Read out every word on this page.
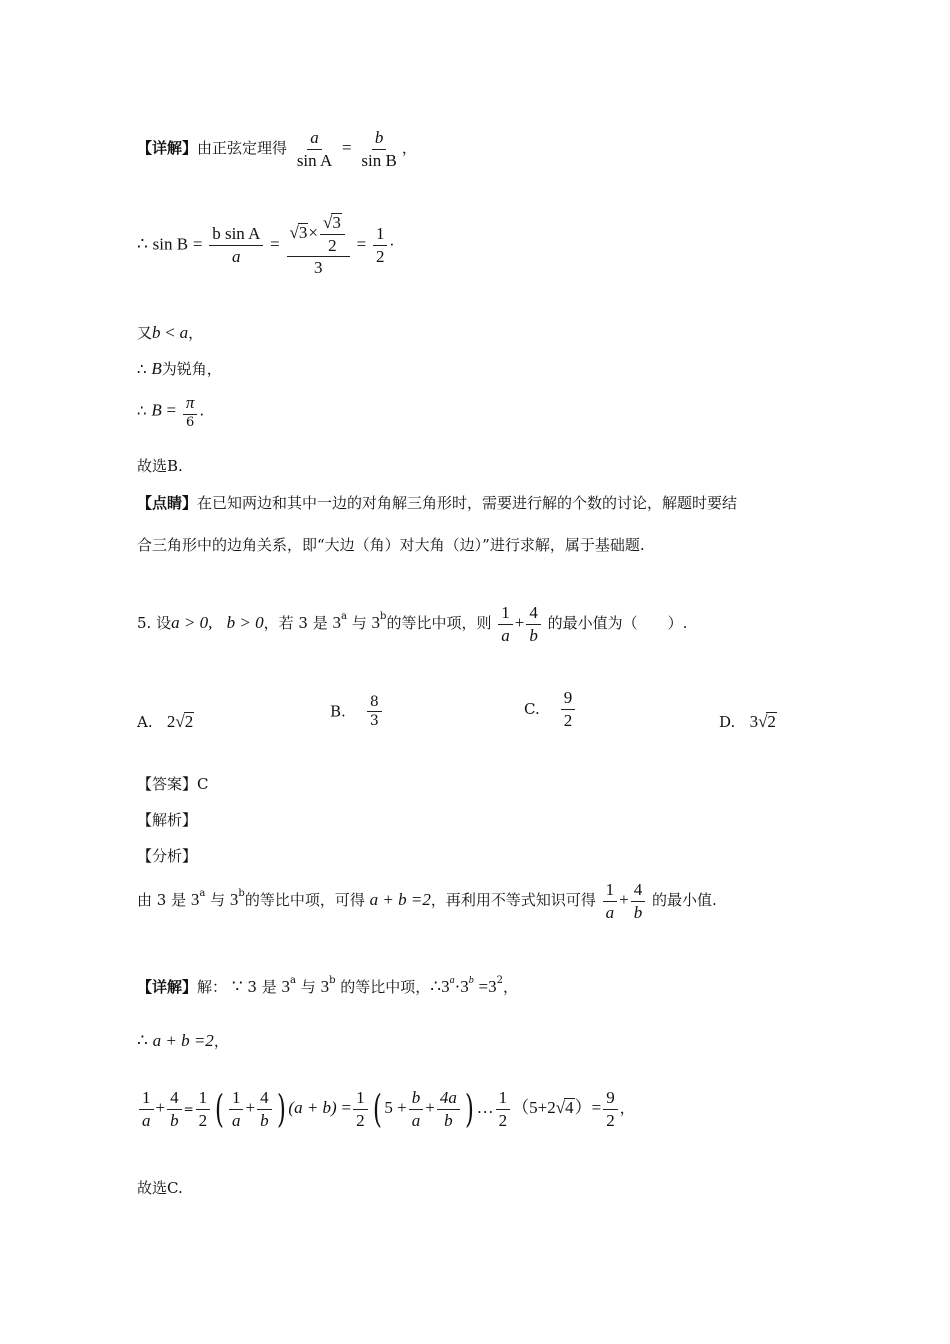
【详解】由正弦定理得 $\frac{a}{\text{sin A}} = \frac{b}{\text{sin B}}$ ，
∴ $\sin B = \frac{\text{b sin A}}{a} = \frac{√3\times \frac{√3}{2}}{3} = \frac{1}{2}$ ·
又b < a，
∴ B为锐角，
∴ $B = \frac{\pi}{6}$ .
故选B.
【点睛】在已知两边和其中一边的对角解三角形时，需要进行解的个数的讨论，解题时要结
合三角形中的边角关系，即“大边（角）对大角（边）”进行求解，属于基础题.
5. 设a > 0, b > 0，若 3 是 3$^a$ 与 3$^b$的等比中项，则 $\frac{1}{a} + \frac{4}{b}$ 的最小值为（　　）.
A. 2√2
B. $\frac{8}{3}$	C. $\frac{9}{2}$	D. 3√2
【答案】C
【解析】
【分析】
由 3 是 3$^a$ 与 3$^b$的等比中项，可得 a + b =2，再利用不等式知识可得 $\frac{1}{a} + \frac{4}{b}$ 的最小值.
【详解】解： ∵ 3 是 3$^a$ 与 3$^b$ 的等比中项，$\therefore 3^a\cdot 3^b =3^2$，
∴ a + b =2，
$\frac{1}{a} + \frac{4}{b} = \frac{1}{2}$ ( $\frac{1}{a} + \frac{4}{b}$ ) $(a + b) = \frac{1}{2}$ ( $5 + \frac{b}{a} + \frac{4a}{b}$ ) … $\frac{1}{2} (5+2√4)= \frac{9}{2}$ ，
故选C.
